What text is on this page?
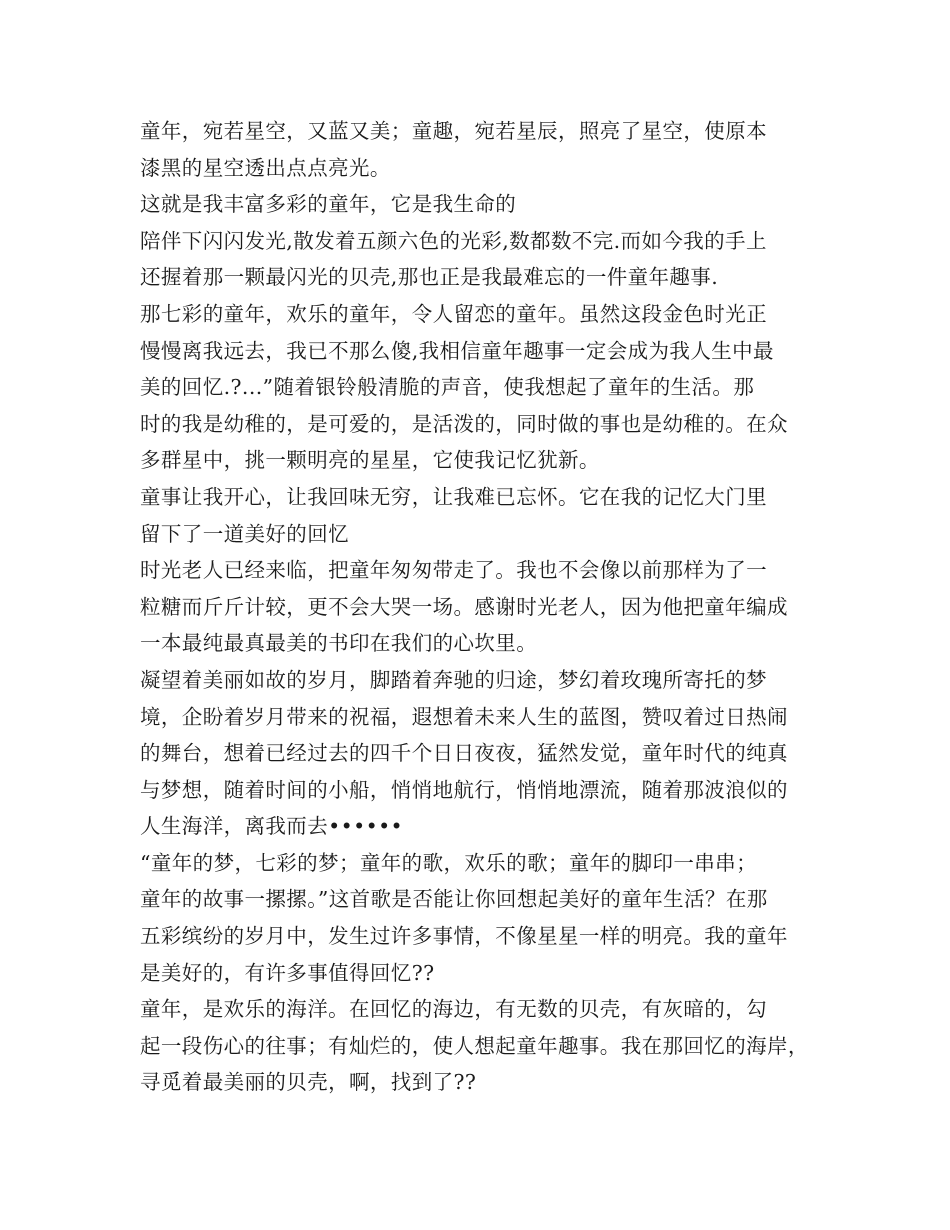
童年，宛若星空，又蓝又美；童趣，宛若星辰，照亮了星空，使原本
漆黑的星空透出点点亮光。
这就是我丰富多彩的童年，它是我生命的
陪伴下闪闪发光,散发着五颜六色的光彩,数都数不完.而如今我的手上
还握着那一颗最闪光的贝壳,那也正是我最难忘的一件童年趣事.
那七彩的童年，欢乐的童年，令人留恋的童年。虽然这段金色时光正
慢慢离我远去，我已不那么傻,我相信童年趣事一定会成为我人生中最
美的回忆.?...”随着银铃般清脆的声音，使我想起了童年的生活。那
时的我是幼稚的，是可爱的，是活泼的，同时做的事也是幼稚的。在众
多群星中，挑一颗明亮的星星，它使我记忆犹新。
童事让我开心，让我回味无穷，让我难已忘怀。它在我的记忆大门里
留下了一道美好的回忆
时光老人已经来临，把童年匆匆带走了。我也不会像以前那样为了一
粒糖而斤斤计较，更不会大哭一场。感谢时光老人，因为他把童年编成
一本最纯最真最美的书印在我们的心坎里。
凝望着美丽如故的岁月，脚踏着奔驰的归途，梦幻着玫瑰所寄托的梦
境，企盼着岁月带来的祝福，遐想着未来人生的蓝图，赞叹着过日热闹
的舞台，想着已经过去的四千个日日夜夜，猛然发觉，童年时代的纯真
与梦想，随着时间的小船，悄悄地航行，悄悄地漂流，随着那波浪似的
人生海洋，离我而去••••••
“童年的梦，七彩的梦；童年的歌，欢乐的歌；童年的脚印一串串；
童年的故事一摞摞。”这首歌是否能让你回想起美好的童年生活？在那
五彩缤纷的岁月中，发生过许多事情，不像星星一样的明亮。我的童年
是美好的，有许多事值得回忆??
童年，是欢乐的海洋。在回忆的海边，有无数的贝壳，有灰暗的，勾
起一段伤心的往事；有灿烂的，使人想起童年趣事。我在那回忆的海岸，
寻觅着最美丽的贝壳，啊，找到了??
